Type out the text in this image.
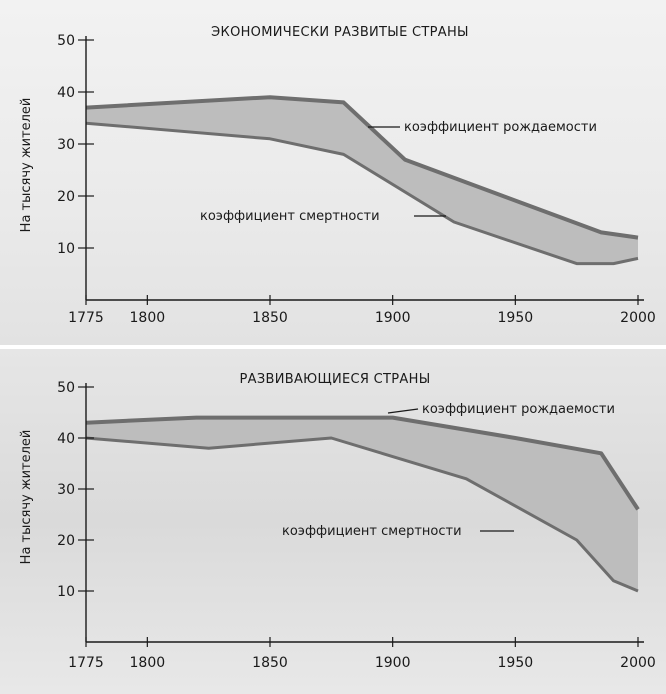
10
20
30
40
50
1775 1800	1850	1900	1950	2000
ЭКОНОМИЧЕСКИ РАЗВИТЫЕ СТРАНЫ
На тысячу жителей	коэффициент рождаемости
коэффициент смертности
10
20
30
40
50
1775 1800	1850	1900	1950	2000
РАЗВИВАЮЩИЕСЯ СТРАНЫ
На тысячу жителей
коэффициент рождаемости
коэффициент смертности
